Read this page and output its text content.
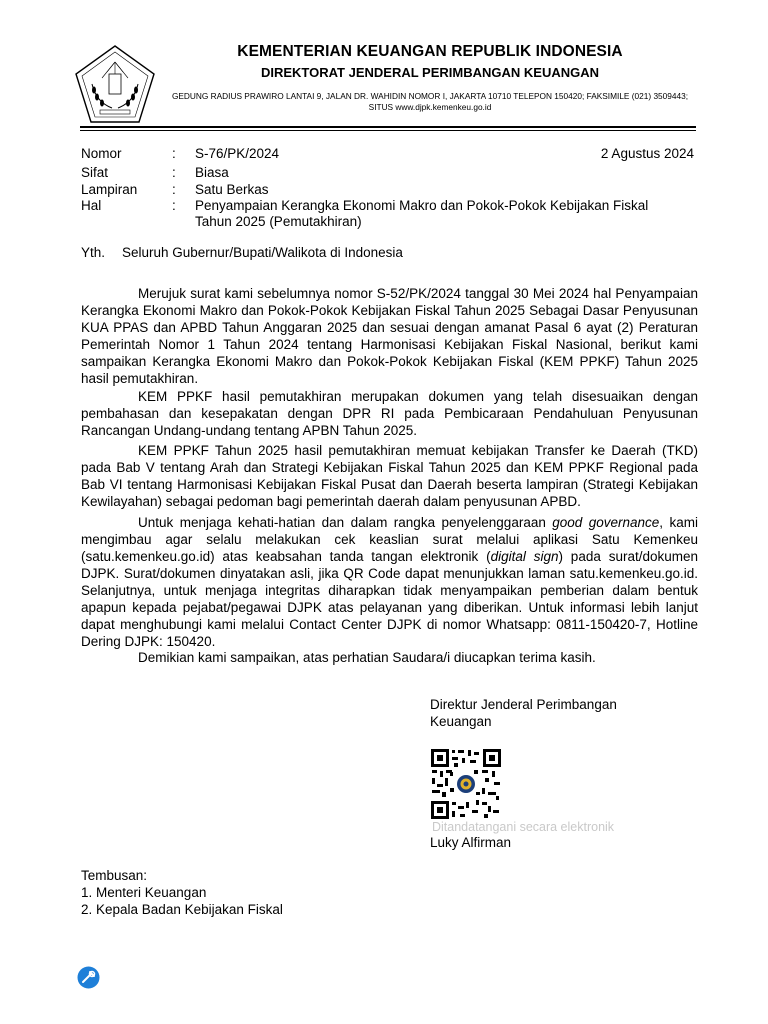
KEMENTERIAN KEUANGAN REPUBLIK INDONESIA
DIREKTORAT JENDERAL PERIMBANGAN KEUANGAN
GEDUNG RADIUS PRAWIRO LANTAI 9, JALAN DR. WAHIDIN NOMOR I, JAKARTA 10710 TELEPON 150420; FAKSIMILE (021) 3509443; SITUS www.djpk.kemenkeu.go.id
Nomor	: S-76/PK/2024	2 Agustus 2024
Sifat	: Biasa
Lampiran	: Satu Berkas
Hal	: Penyampaian Kerangka Ekonomi Makro dan Pokok-Pokok Kebijakan Fiskal Tahun 2025 (Pemutakhiran)
Yth. Seluruh Gubernur/Bupati/Walikota di Indonesia

Merujuk surat kami sebelumnya nomor S-52/PK/2024 tanggal 30 Mei 2024 hal Penyampaian Kerangka Ekonomi Makro dan Pokok-Pokok Kebijakan Fiskal Tahun 2025 Sebagai Dasar Penyusunan KUA PPAS dan APBD Tahun Anggaran 2025 dan sesuai dengan amanat Pasal 6 ayat (2) Peraturan Pemerintah Nomor 1 Tahun 2024 tentang Harmonisasi Kebijakan Fiskal Nasional, berikut kami sampaikan Kerangka Ekonomi Makro dan Pokok-Pokok Kebijakan Fiskal (KEM PPKF) Tahun 2025 hasil pemutakhiran.

KEM PPKF hasil pemutakhiran merupakan dokumen yang telah disesuaikan dengan pembahasan dan kesepakatan dengan DPR RI pada Pembicaraan Pendahuluan Penyusunan Rancangan Undang-undang tentang APBN Tahun 2025.

KEM PPKF Tahun 2025 hasil pemutakhiran memuat kebijakan Transfer ke Daerah (TKD) pada Bab V tentang Arah dan Strategi Kebijakan Fiskal Tahun 2025 dan KEM PPKF Regional pada Bab VI tentang Harmonisasi Kebijakan Fiskal Pusat dan Daerah beserta lampiran (Strategi Kebijakan Kewilayahan) sebagai pedoman bagi pemerintah daerah dalam penyusunan APBD.

Untuk menjaga kehati-hatian dan dalam rangka penyelenggaraan good governance, kami mengimbau agar selalu melakukan cek keaslian surat melalui aplikasi Satu Kemenkeu (satu.kemenkeu.go.id) atas keabsahan tanda tangan elektronik (digital sign) pada surat/dokumen DJPK. Surat/dokumen dinyatakan asli, jika QR Code dapat menunjukkan laman satu.kemenkeu.go.id. Selanjutnya, untuk menjaga integritas diharapkan tidak menyampaikan pemberian dalam bentuk apapun kepada pejabat/pegawai DJPK atas pelayanan yang diberikan. Untuk informasi lebih lanjut dapat menghubungi kami melalui Contact Center DJPK di nomor Whatsapp: 0811-150420-7, Hotline Dering DJPK: 150420.

Demikian kami sampaikan, atas perhatian Saudara/i diucapkan terima kasih.

Direktur Jenderal Perimbangan Keuangan
Ditandatangani secara elektronik
Luky Alfirman
Tembusan:
1. Menteri Keuangan
2. Kepala Badan Kebijakan Fiskal
